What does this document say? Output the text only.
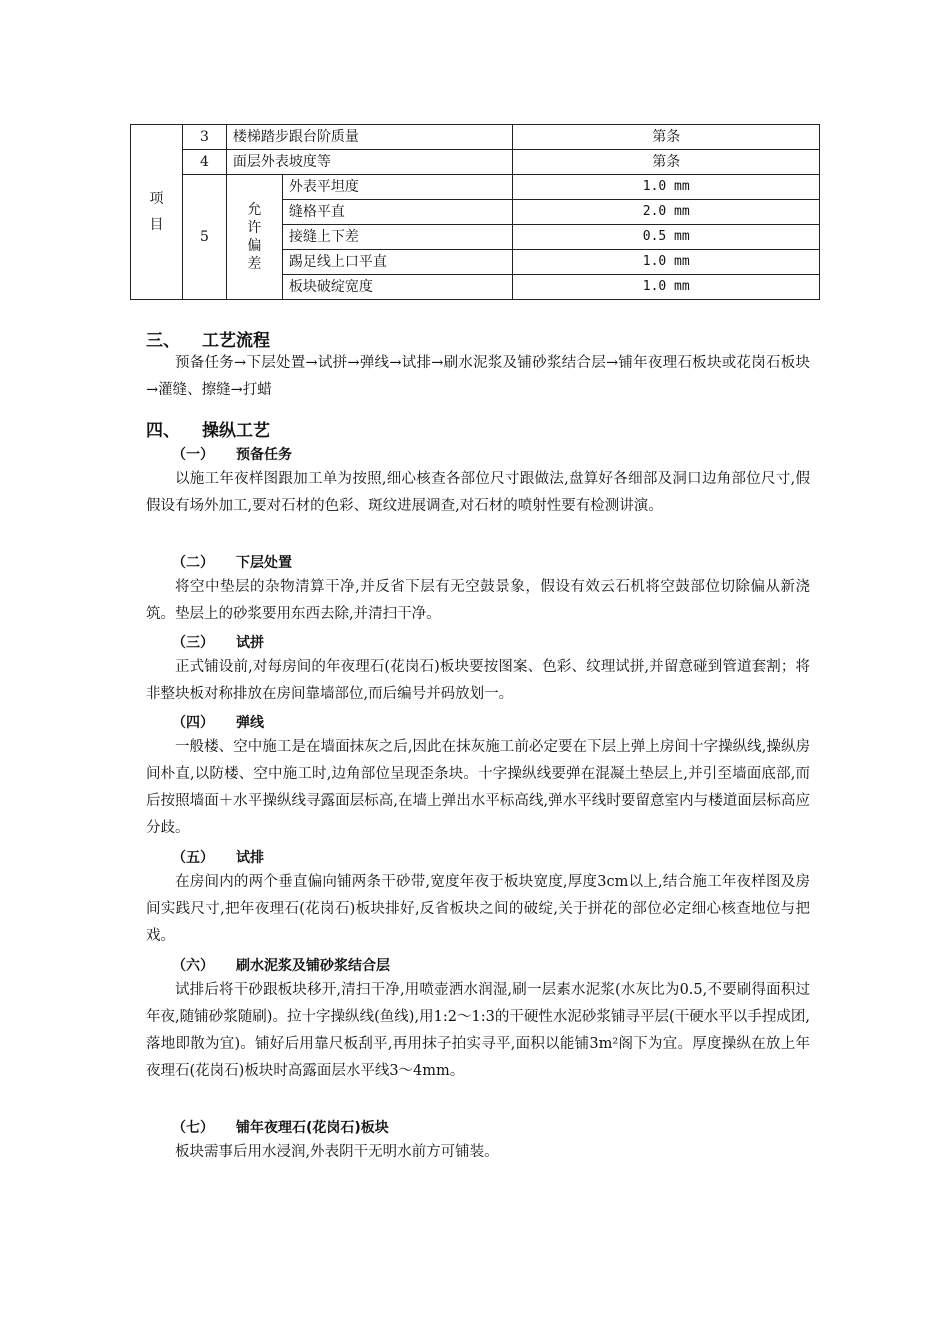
项目	3	楼梯踏步跟台阶质量		第条
	4	面层外表坡度等		第条
	5	允许偏差	外表平坦度	1.0 mm
			缝格平直	2.0 mm
			接缝上下差	0.5 mm
			踢足线上口平直	1.0 mm
			板块破绽宽度	1.0 mm
三、 工艺流程
预备任务→下层处置→试拼→弹线→试排→刷水泥浆及铺砂浆结合层→铺年夜理石板块或花岗石板块→灌缝、擦缝→打蜡
四、 操纵工艺
（一） 预备任务
以施工年夜样图跟加工单为按照,细心核查各部位尺寸跟做法,盘算好各细部及洞口边角部位尺寸,假假设有场外加工,要对石材的色彩、斑纹进展调查,对石材的喷射性要有检测讲演。
（二） 下层处置
将空中垫层的杂物清算干净,并反省下层有无空鼓景象，假设有效云石机将空鼓部位切除偏从新浇筑。垫层上的砂浆要用东西去除,并清扫干净。
（三） 试拼
正式铺设前,对每房间的年夜理石(花岗石)板块要按图案、色彩、纹理试拼,并留意碰到管道套割；将非整块板对称排放在房间靠墙部位,而后编号并码放划一。
（四） 弹线
一般楼、空中施工是在墙面抹灰之后,因此在抹灰施工前必定要在下层上弹上房间十字操纵线,操纵房间朴直,以防楼、空中施工时,边角部位呈现歪条块。十字操纵线要弹在混凝土垫层上,并引至墙面底部,而后按照墙面＋水平操纵线寻露面层标高,在墙上弹出水平标高线,弹水平线时要留意室内与楼道面层标高应分歧。
（五） 试排
在房间内的两个垂直偏向铺两条干砂带,宽度年夜于板块宽度,厚度3cm以上,结合施工年夜样图及房间实践尺寸,把年夜理石(花岗石)板块排好,反省板块之间的破绽,关于拼花的部位必定细心核查地位与把戏。
（六） 刷水泥浆及铺砂浆结合层
试排后将干砂跟板块移开,清扫干净,用喷壶洒水润湿,刷一层素水泥浆(水灰比为0.5,不要刷得面积过年夜,随铺砂浆随刷)。拉十字操纵线(鱼线),用1:2～1:3的干硬性水泥砂浆铺寻平层(干硬水平以手捏成团,落地即散为宜)。铺好后用靠尺板刮平,再用抹子拍实寻平,面积以能铺3m²阁下为宜。厚度操纵在放上年夜理石(花岗石)板块时高露面层水平线3～4mm。
（七） 铺年夜理石(花岗石)板块
板块需事后用水浸润,外表阴干无明水前方可铺装。
